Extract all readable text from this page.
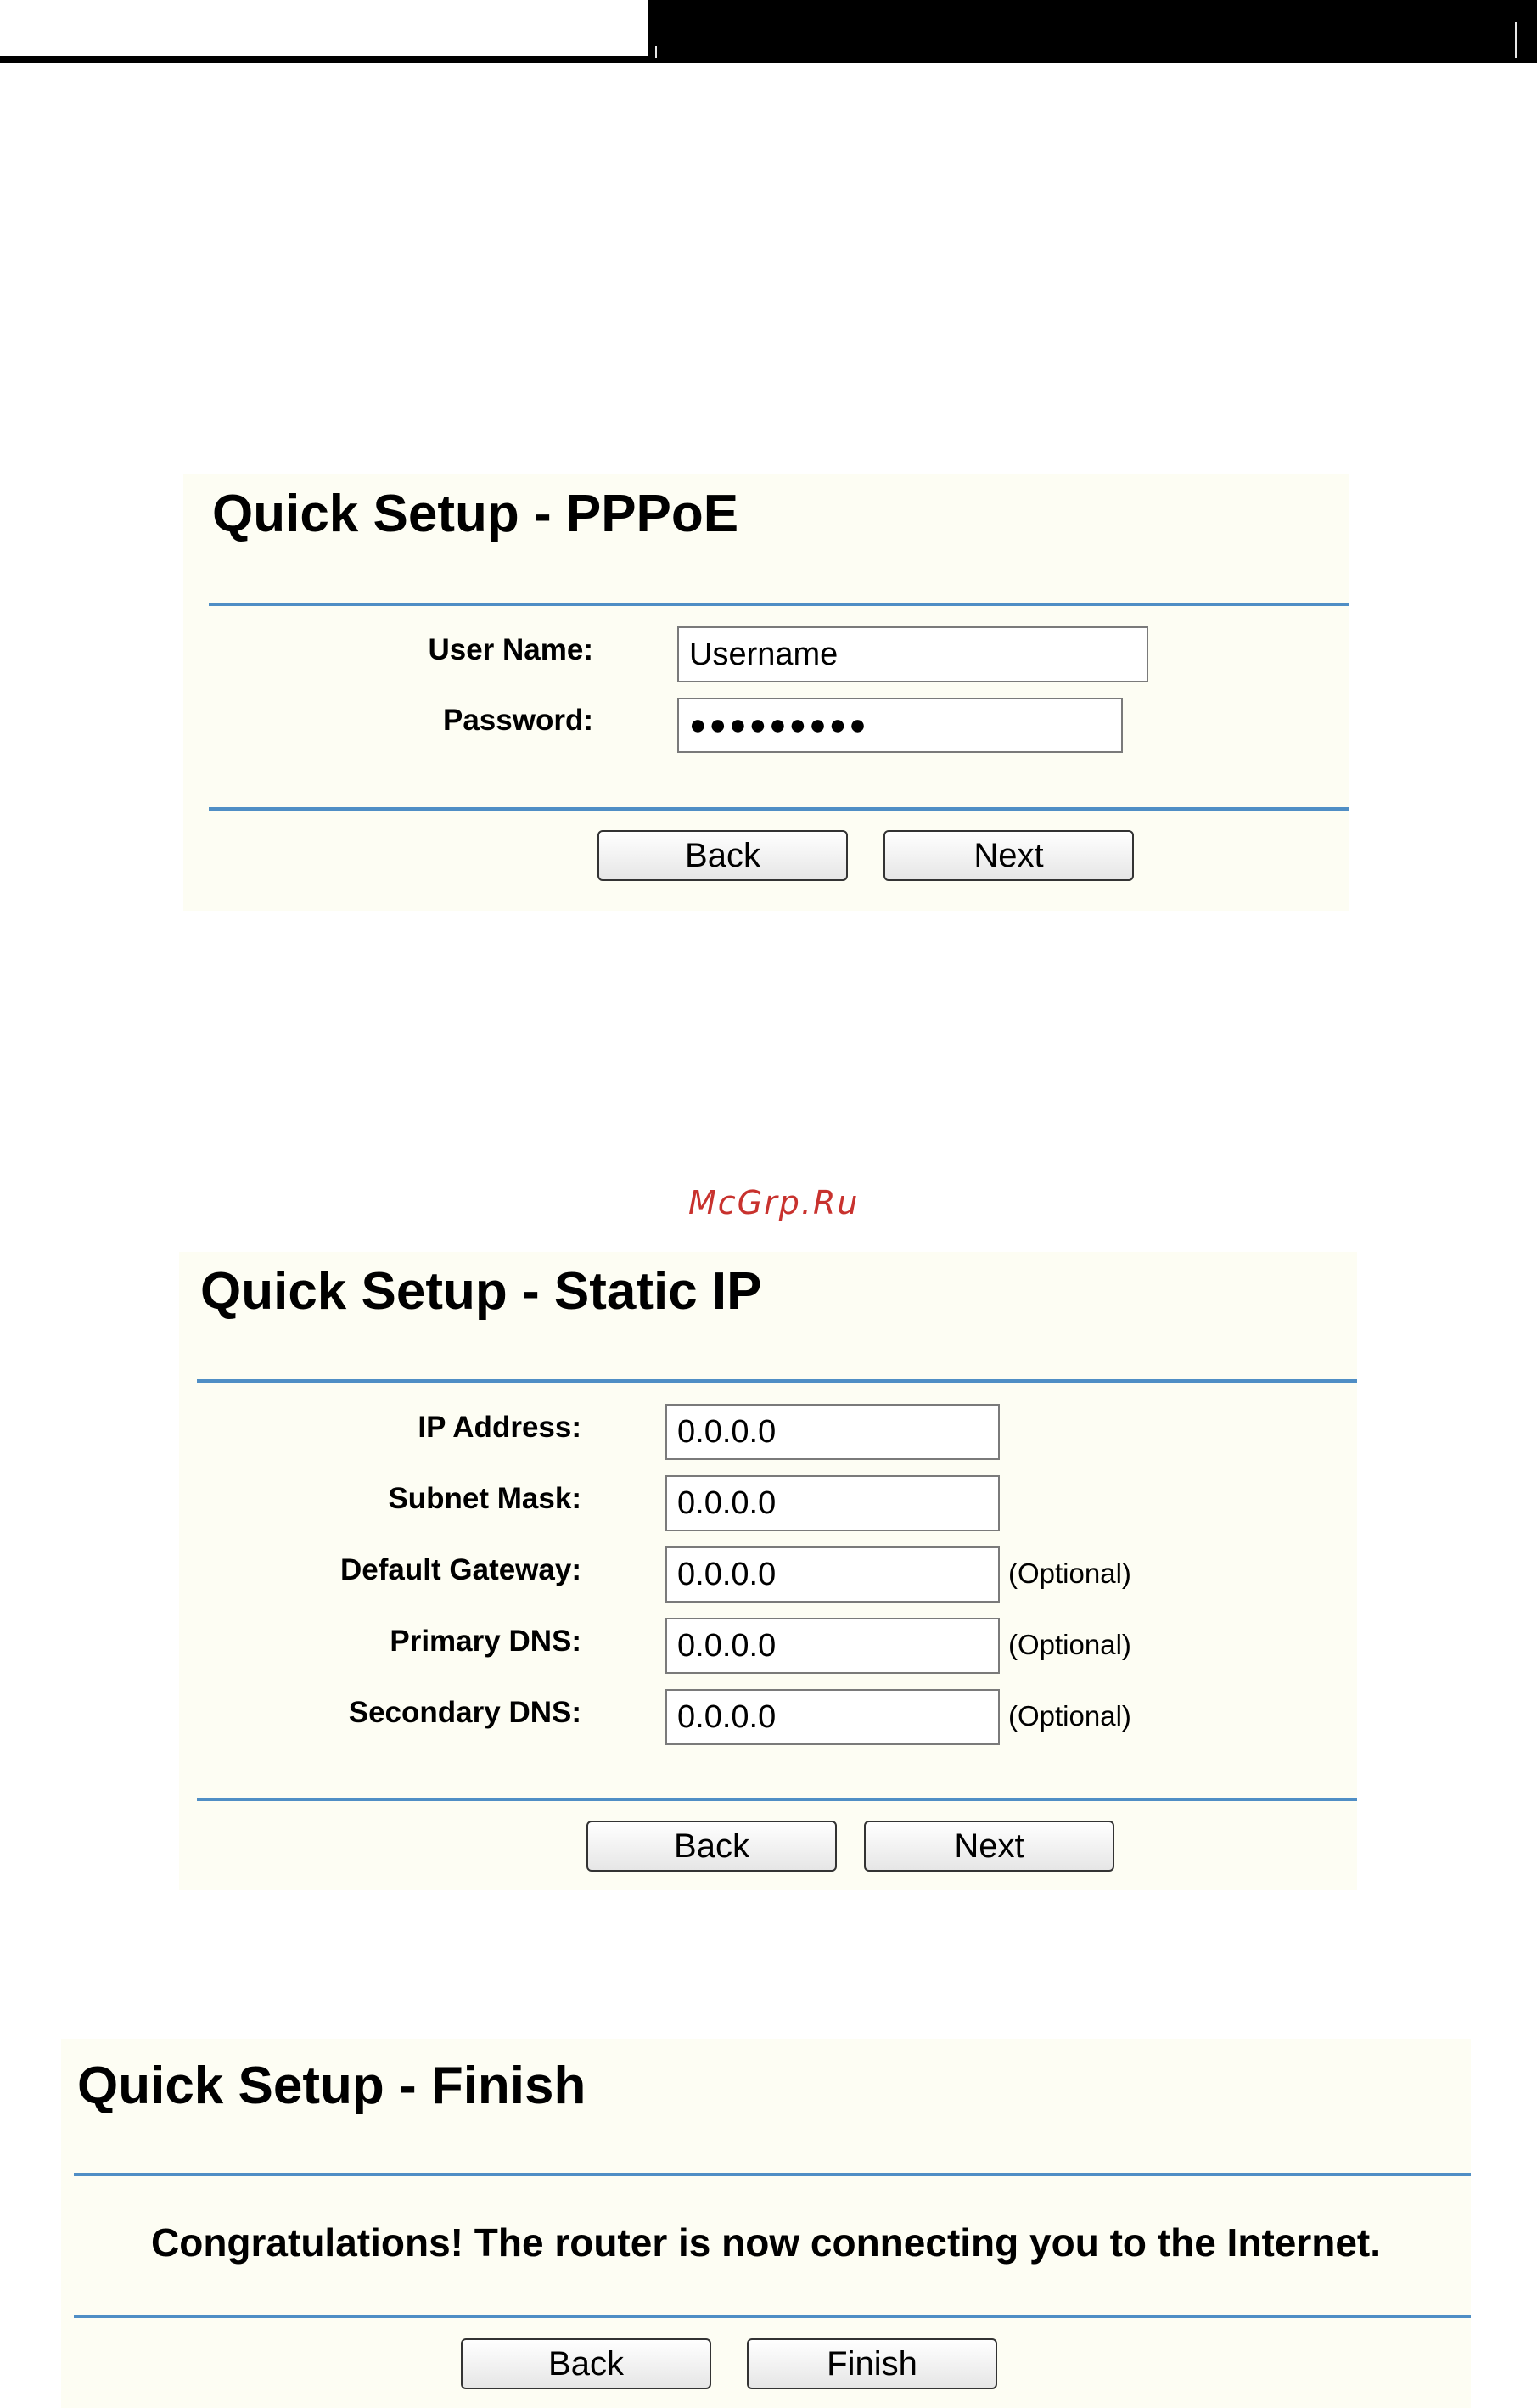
Quick Setup - PPPoE
User Name:
Username
Password:
●●●●●●●●●
Back	Next
McGrp.Ru
Quick Setup - Static IP
IP Address:
0.0.0.0
Subnet Mask:
0.0.0.0
Default Gateway:
0.0.0.0	(Optional)
Primary DNS:
0.0.0.0	(Optional)
Secondary DNS:
0.0.0.0	(Optional)
Back	Next
Quick Setup - Finish
Congratulations! The router is now connecting you to the Internet.
Back	Finish
